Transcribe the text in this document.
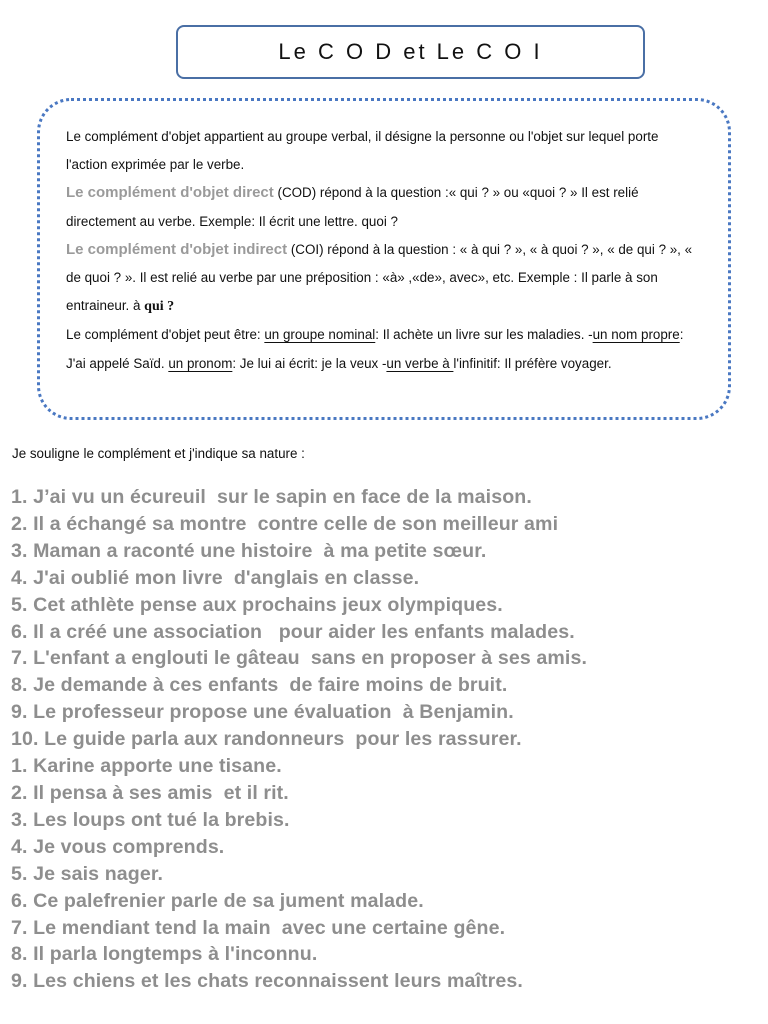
Le C O D et Le C O I

Le complément d'objet appartient au groupe verbal, il désigne la personne ou l'objet sur lequel porte l'action exprimée par le verbe.

Le complément d'objet direct (COD) répond à la question :« qui ? » ou «quoi ? » Il est relié directement au verbe. Exemple: Il écrit une lettre. quoi ?

Le complément d'objet indirect (COI) répond à la question : « à qui ? », « à quoi ? », « de qui ? », « de quoi ? ». Il est relié au verbe par une préposition : «à» ,«de», avec», etc. Exemple : Il parle à son entraineur. à qui ?

Le complément d'objet peut être: un groupe nominal: Il achète un livre sur les maladies. -un nom propre: J'ai appelé Saïd. un pronom: Je lui ai écrit: je la veux -un verbe à l'infinitif: Il préfère voyager.

Je souligne le complément et j'indique sa nature :
1. J’ai vu un écureuil  sur le sapin en face de la maison.
2. Il a échangé sa montre  contre celle de son meilleur ami
3. Maman a raconté une histoire  à ma petite sœur.
4. J'ai oublié mon livre  d'anglais en classe.
5. Cet athlète pense aux prochains jeux olympiques.
6. Il a créé une association   pour aider les enfants malades.
7. L'enfant a englouti le gâteau  sans en proposer à ses amis.
8. Je demande à ces enfants  de faire moins de bruit.
9. Le professeur propose une évaluation  à Benjamin.
10. Le guide parla aux randonneurs  pour les rassurer.
1. Karine apporte une tisane.
2. Il pensa à ses amis  et il rit.
3. Les loups ont tué la brebis.
4. Je vous comprends.
5. Je sais nager.
6. Ce palefrenier parle de sa jument malade.
7. Le mendiant tend la main  avec une certaine gêne.
8. Il parla longtemps à l'inconnu.
9. Les chiens et les chats reconnaissent leurs maîtres.
